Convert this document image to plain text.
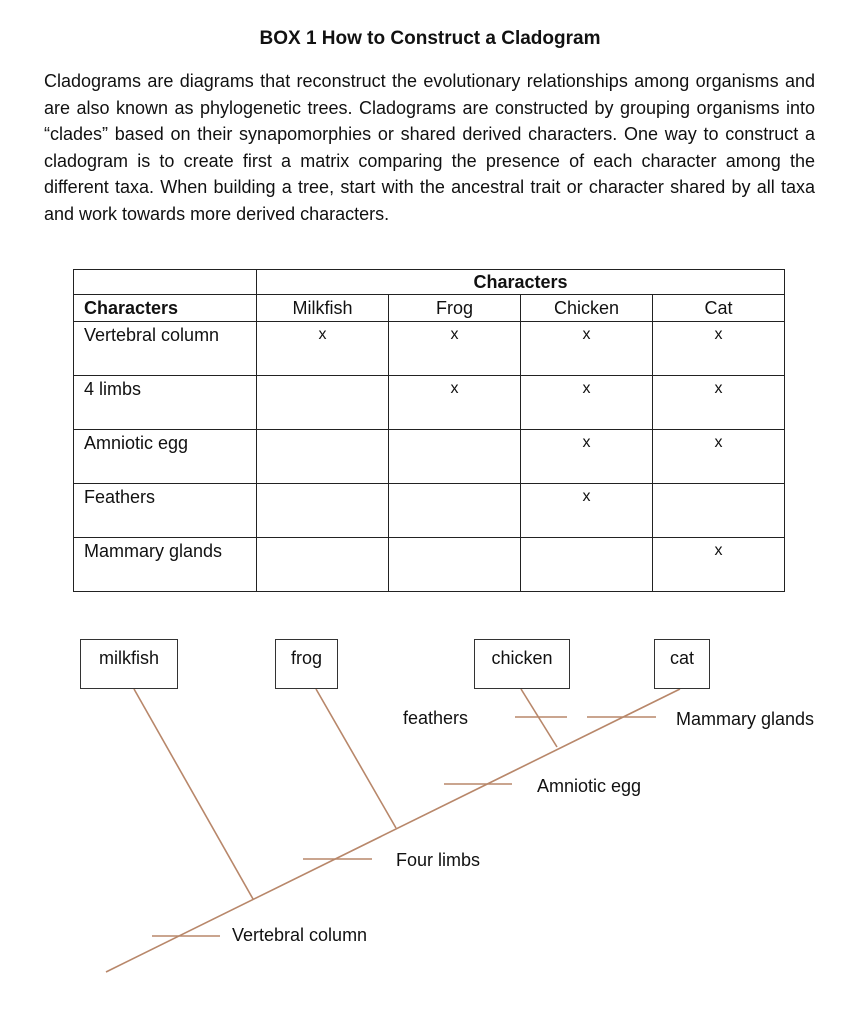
BOX 1 How to Construct a Cladogram
Cladograms are diagrams that reconstruct the evolutionary relationships among organisms and are also known as phylogenetic trees. Cladograms are constructed by grouping organisms into “clades” based on their synapomorphies or shared derived characters. One way to construct a cladogram is to create first a matrix comparing the presence of each character among the different taxa. When building a tree, start with the ancestral trait or character shared by all taxa and work towards more derived characters.
	Characters			
Characters	Milkfish	Frog	Chicken	Cat
Vertebral column	x	x	x	x
4 limbs		x	x	x
Amniotic egg			x	x
Feathers			x	
Mammary glands				x
milkfish	frog	chicken	cat
feathers	Mammary glands
Amniotic egg
Four limbs
Vertebral column
